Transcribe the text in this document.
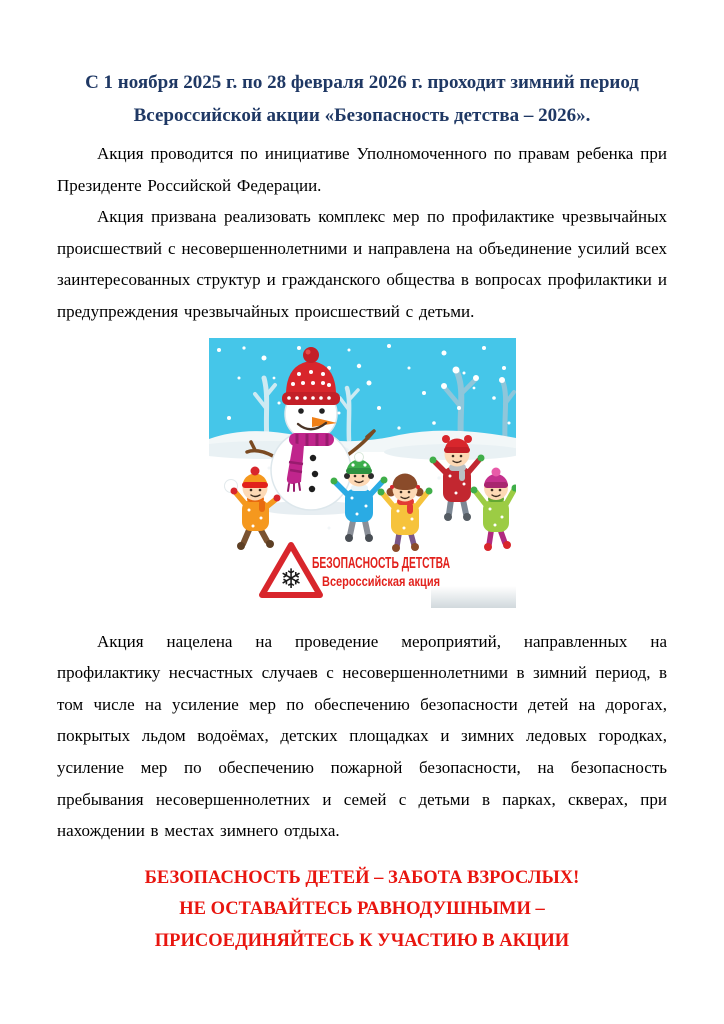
С 1 ноября 2025 г. по 28 февраля 2026 г. проходит зимний период
Всероссийской акции «Безопасность детства – 2026».

Акция проводится по инициативе Уполномоченного по правам ребенка при Президенте Российской Федерации.

Акция призвана реализовать комплекс мер по профилактике чрезвычайных происшествий с несовершеннолетними и направлена на объединение усилий всех заинтересованных структур и гражданского общества в вопросах профилактики и предупреждения чрезвычайных происшествий с детьми.

❄
БЕЗОПАСНОСТЬ ДЕТСТВА
Всероссийская акция

Акция нацелена на проведение мероприятий, направленных на профилактику несчастных случаев с несовершеннолетними в зимний период, в том числе на усиление мер по обеспечению безопасности детей на дорогах, покрытых льдом водоёмах, детских площадках и зимних ледовых городках, усиление мер по обеспечению пожарной безопасности, на безопасность пребывания несовершеннолетних и семей с детьми в парках, скверах, при нахождении в местах зимнего отдыха.

БЕЗОПАСНОСТЬ ДЕТЕЙ – ЗАБОТА ВЗРОСЛЫХ!
НЕ ОСТАВАЙТЕСЬ РАВНОДУШНЫМИ –
ПРИСОЕДИНЯЙТЕСЬ К УЧАСТИЮ В АКЦИИ
